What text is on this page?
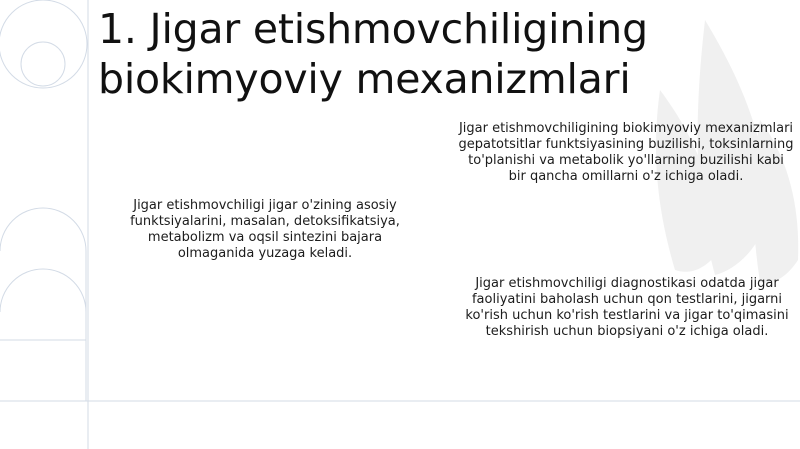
1. Jigar etishmovchiligining biokimyoviy mexanizmlari

Jigar etishmovchiligi jigar o'zining asosiy funktsiyalarini, masalan, detoksifikatsiya, metabolizm va oqsil sintezini bajara olmaganida yuzaga keladi.

Jigar etishmovchiligining biokimyoviy mexanizmlari gepatotsitlar funktsiyasining buzilishi, toksinlarning to'planishi va metabolik yo'llarning buzilishi kabi bir qancha omillarni o'z ichiga oladi.

Jigar etishmovchiligi diagnostikasi odatda jigar faoliyatini baholash uchun qon testlarini, jigarni ko'rish uchun ko'rish testlarini va jigar to'qimasini tekshirish uchun biopsiyani o'z ichiga oladi.
